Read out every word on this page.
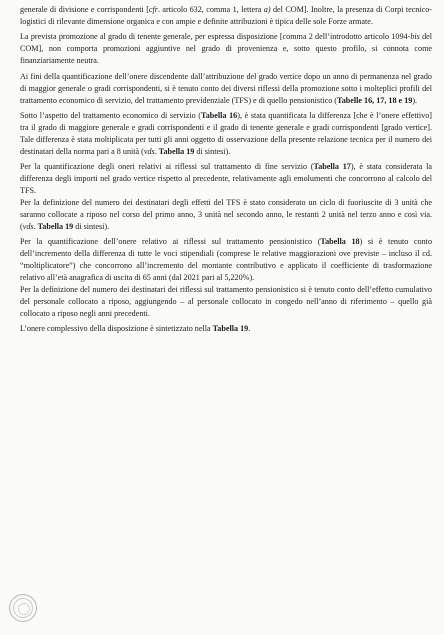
generale di divisione e corrispondenti [cfr. articolo 632, comma 1, lettera a) del COM]. Inoltre, la presenza di Corpi tecnico-logistici di rilevante dimensione organica e con ampie e definite attribuzioni è tipica delle sole Forze armate.

La prevista promozione al grado di tenente generale, per espressa disposizione [comma 2 dell’introdotto articolo 1094-bis del COM], non comporta promozioni aggiuntive nel grado di provenienza e, sotto questo profilo, si connota come finanziariamente neutra.

Ai fini della quantificazione dell’onere discendente dall’attribuzione del grado vertice dopo un anno di permanenza nel grado di maggior generale o gradi corrispondenti, si è tenuto conto dei diversi riflessi della promozione sotto i molteplici profili del trattamento economico di servizio, del trattamento previdenziale (TFS) e di quello pensionistico (Tabelle 16, 17, 18 e 19).

Sotto l’aspetto del trattamento economico di servizio (Tabella 16), è stata quantificata la differenza [che è l’onere effettivo] tra il grado di maggiore generale e gradi corrispondenti e il grado di tenente generale e gradi corrispondenti [grado vertice]. Tale differenza è stata moltiplicata per tutti gli anni oggetto di osservazione della presente relazione tecnica per il numero dei destinatari della norma pari a 8 unità (vds. Tabella 19 di sintesi).

Per la quantificazione degli oneri relativi ai riflessi sul trattamento di fine servizio (Tabella 17), è stata considerata la differenza degli importi nel grado vertice rispetto al precedente, relativamente agli emolumenti che concorrono al calcolo del TFS.

Per la definizione del numero dei destinatari degli effetti del TFS è stato considerato un ciclo di fuoriuscite di 3 unità che saranno collocate a riposo nel corso del primo anno, 3 unità nel secondo anno, le restanti 2 unità nel terzo anno e così via. (vds. Tabella 19 di sintesi).

Per la quantificazione dell’onere relativo ai riflessi sul trattamento pensionistico (Tabella 18) si è tenuto conto dell’incremento della differenza di tutte le voci stipendiali (comprese le relative maggiorazioni ove previste – incluso il cd. “moltiplicatore”) che concorrono all’incremento del montante contributivo e applicato il coefficiente di trasformazione relativo all’età anagrafica di uscita di 65 anni (dal 2021 pari al 5,220%).

Per la definizione del numero dei destinatari dei riflessi sul trattamento pensionistico si è tenuto conto dell’effetto cumulativo del personale collocato a riposo, aggiungendo – al personale collocato in congedo nell’anno di riferimento – quello già collocato a riposo negli anni precedenti.

L’onere complessivo della disposizione è sintetizzato nella Tabella 19.
